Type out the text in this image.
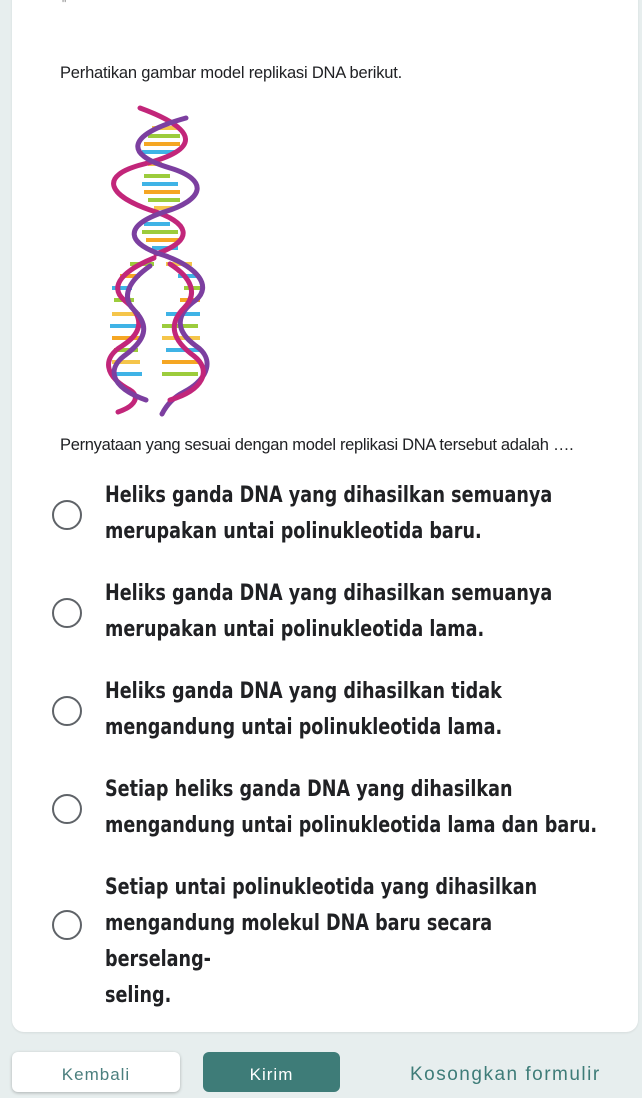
"
Perhatikan gambar model replikasi DNA berikut.
Pernyataan yang sesuai dengan model replikasi DNA tersebut adalah ….
Heliks ganda DNA yang dihasilkan semuanya
merupakan untai polinukleotida baru.
Heliks ganda DNA yang dihasilkan semuanya
merupakan untai polinukleotida lama.
Heliks ganda DNA yang dihasilkan tidak
mengandung untai polinukleotida lama.
Setiap heliks ganda DNA yang dihasilkan
mengandung untai polinukleotida lama dan baru.
Setiap untai polinukleotida yang dihasilkan
mengandung molekul DNA baru secara berselang-
seling.
Kembali	Kirim	Kosongkan formulir
